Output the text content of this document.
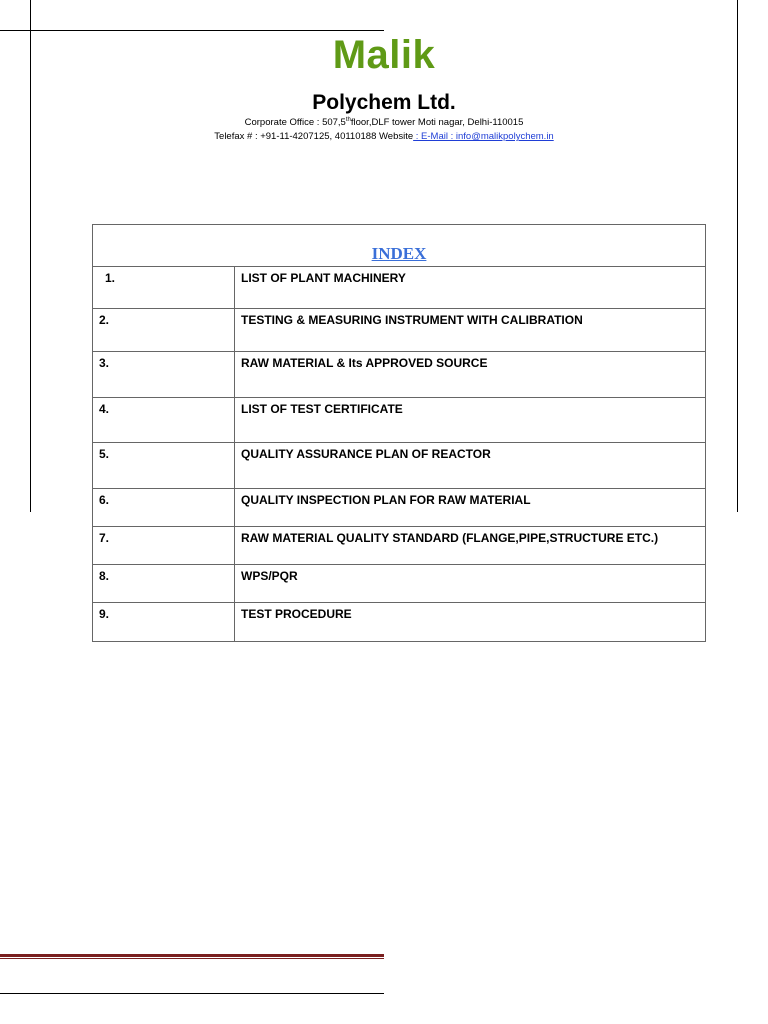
Malik
Polychem Ltd.
Corporate Office : 507,5thfloor,DLF tower Moti nagar, Delhi-110015
Telefax # : +91-11-4207125, 40110188 Website : E-Mail : info@malikpolychem.in
INDEX	
1.	LIST OF PLANT MACHINERY
2.	TESTING & MEASURING INSTRUMENT WITH CALIBRATION
3.	RAW MATERIAL & Its APPROVED SOURCE
4.	LIST OF TEST CERTIFICATE
5.	QUALITY ASSURANCE PLAN OF REACTOR
6.	QUALITY INSPECTION PLAN FOR RAW MATERIAL
7.	RAW MATERIAL QUALITY STANDARD (FLANGE,PIPE,STRUCTURE ETC.)
8.	WPS/PQR
9.	TEST PROCEDURE
